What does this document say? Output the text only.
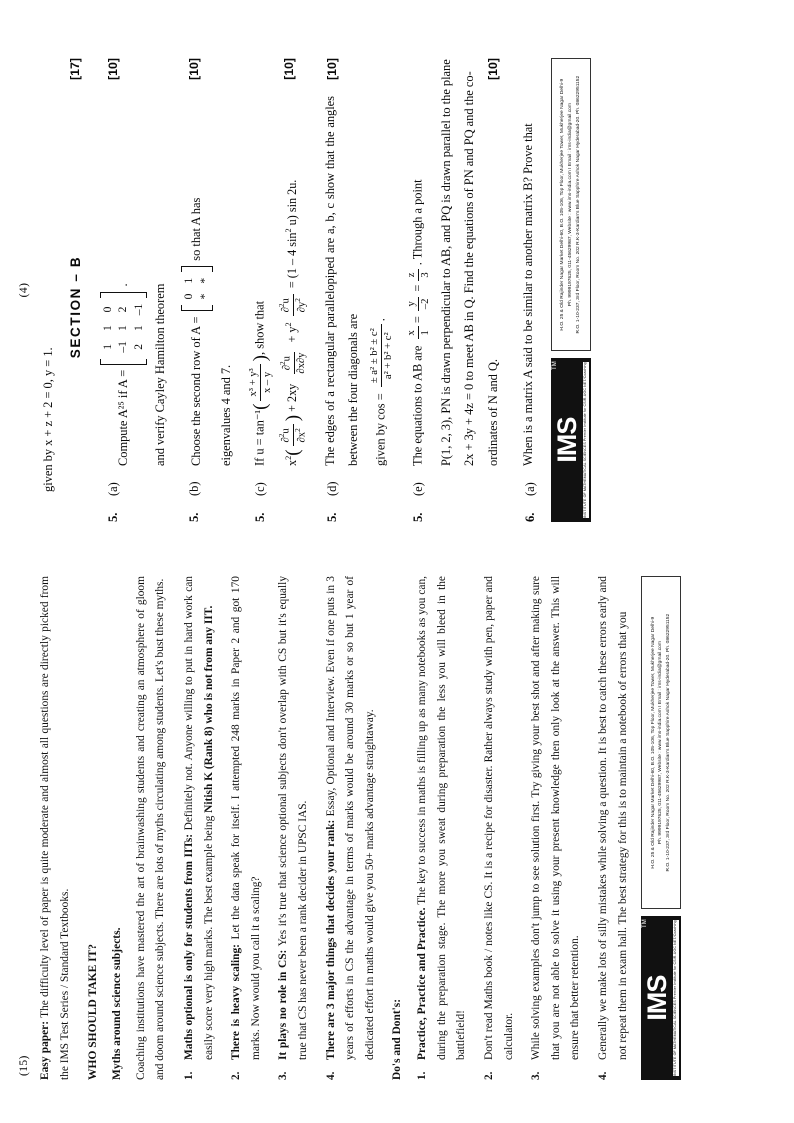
(4)
given by x + z + 2 = 0, y = 1.
SECTION – B
[17]
5.
(a)
Compute A²⁵ if A =
1	1	0
–1	1	2
2	1	–1
.
[10]
and verify Cayley Hamilton theorem
5.
(b)
Choose the second row of A =
0	1
*	*
so that A has
[10]
eigenvalues 4 and 7.
5.
(c)
If u = tan⁻¹(
x³ + y³ x – y
), show that
$x^2$(
∂$^2$u
$\partial x^2$
) + 2xy
∂$^2$u ∂x∂y
+ $y^2$
∂$^2$u
$\partial y^2$
= (1 – 4 $\sin^2 u$) sin 2u.
[10]
5.
(d)
The edges of a rectangular parallelopiped are a, b, c show that the angles between the four diagonals are
[10]
given by cos =
± a² ± b² ± c² a² + b² + c²
.
5.
(e)
The equations to AB are
x 1
=
y –2
=
z 3
. Through a point	P(1, 2, 3), PN is drawn perpendicular to AB, and PQ is drawn parallel to the plane 2x + 3y + 4z = 0 to meet AB in Q. Find the equations of PN and PQ and the co-ordinates of N and Q.
[10]
6.
(a)
When is a matrix A said to be similar to another matrix B? Prove that	TM
IMS INSTITUTE OF MATHEMATICAL SCIENCES Premier Institute for CSIR-UGC NET/Coaching
H.O. 25 & Old Rajinder Nagar Market Delhi-60, B.O. 105-106, Top Floor, Mukherjee Tower, Mukherjee Nagar Delhi-9 Ph. 9999197625, 011-45629987, Website : www.ims-india.com I Email : ims-india@gmail.com R.O. 1-10-237, 3rd Floor, Room No. 202 R.K-3-Kardian's Blue Sapphire Ashok Nagar Hyderabad-20. Ph. 08622951152
(15) Easy paper: The difficulty level of paper is quite moderate and almost all questions are directly picked from the IMS Test Series / Standard Textbooks.	WHO SHOULD TAKE IT?	Myths around science subjects.	Coaching institutions have mastered the art of brainwashing students and creating an atmosphere of gloom and doom around science subjects. There are lots of myths circulating among students. Let's bust these myths.	1.
Maths optional is only for students from IITs: Definitely not. Anyone willing to put in hard work can easily score very high marks. The best example being Nitish K (Rank 8) who is not from any IIT.
2.
There is heavy scaling: Let the data speak for itself. I attempted 248 marks in Paper 2 and got 170 marks. Now would you call it a scaling?
3.
It plays no role in CS: Yes it's true that science optional subjects don't overlap with CS but it's equally true that CS has never been a rank decider in UPSC IAS.
4.
There are 3 major things that decides your rank: Essay, Optional and Interview. Even if one puts in 3 years of efforts in CS the advantage in terms of marks would be around 30 marks or so but 1 year of dedicated effort in maths would give you 50+ marks advantage straightaway.	Do's and Dont's:	1.
Practice, Practice and Practice. The key to success in maths is filling up as many notebooks as you can, during the preparation stage. The more you sweat during preparation the less you will bleed in the battlefield!
2.
Don't read Maths book / notes like CS. It is a recipe for disaster. Rather always study with pen, paper and calculator.
3.
While solving examples don't jump to see solution first. Try giving your best shot and after making sure that you are not able to solve it using your present knowledge then only look at the answer. This will ensure that better retention.
4.
Generally we make lots of silly mistakes while solving a question. It is best to catch these errors early and not repeat them in exam hall. The best strategy for this is to maintain a notebook of errors that you	TM
IMS INSTITUTE OF MATHEMATICAL SCIENCES Premier Institute for CSIR-UGC NET/Coaching
H.O. 25 & Old Rajinder Nagar Market Delhi-60, B.O. 105-106, Top Floor, Mukherjee Tower, Mukherjee Nagar Delhi-9 Ph. 9999197625, 011-45629987, Website : www.ims-india.com I Email : ims-india@gmail.com R.O. 1-10-237, 3rd Floor, Room No. 202 R.K-3-Kardian's Blue Sapphire Ashok Nagar Hyderabad-20. Ph. 08622951152
